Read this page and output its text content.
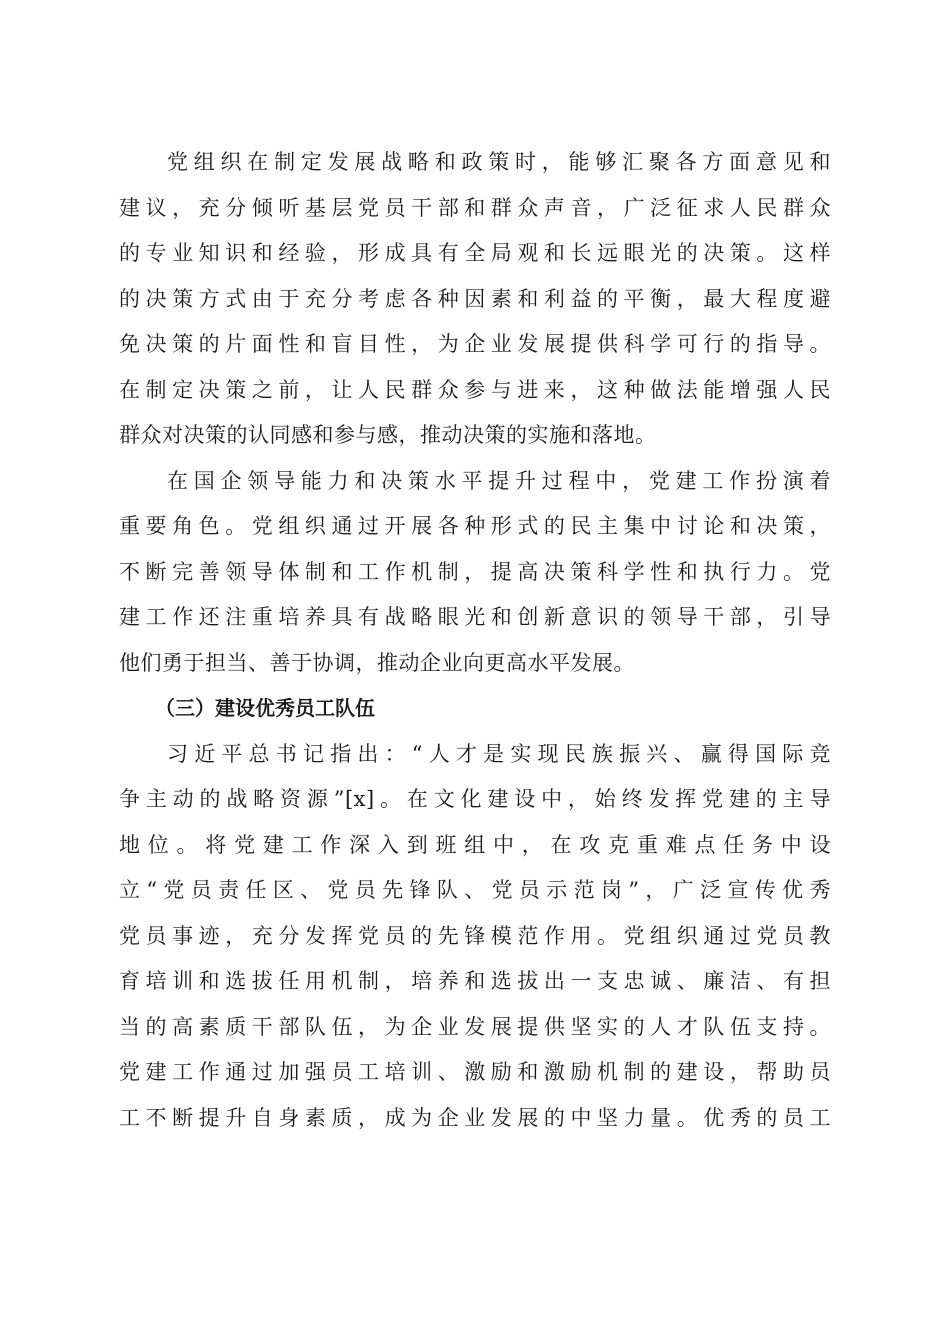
党组织在制定发展战略和政策时，能够汇聚各方面意见和
建议，充分倾听基层党员干部和群众声音，广泛征求人民群众
的专业知识和经验，形成具有全局观和长远眼光的决策。这样
的决策方式由于充分考虑各种因素和利益的平衡，最大程度避
免决策的片面性和盲目性，为企业发展提供科学可行的指导。
在制定决策之前，让人民群众参与进来，这种做法能增强人民
群众对决策的认同感和参与感，推动决策的实施和落地。
在国企领导能力和决策水平提升过程中，党建工作扮演着
重要角色。党组织通过开展各种形式的民主集中讨论和决策，
不断完善领导体制和工作机制，提高决策科学性和执行力。党
建工作还注重培养具有战略眼光和创新意识的领导干部，引导
他们勇于担当、善于协调，推动企业向更高水平发展。
（三）建设优秀员工队伍
习近平总书记指出：“人才是实现民族振兴、赢得国际竞
争主动的战略资源”[x]。在文化建设中，始终发挥党建的主导
地位。将党建工作深入到班组中，在攻克重难点任务中设
立“党员责任区、党员先锋队、党员示范岗”，广泛宣传优秀
党员事迹，充分发挥党员的先锋模范作用。党组织通过党员教
育培训和选拔任用机制，培养和选拔出一支忠诚、廉洁、有担
当的高素质干部队伍，为企业发展提供坚实的人才队伍支持。
党建工作通过加强员工培训、激励和激励机制的建设，帮助员
工不断提升自身素质，成为企业发展的中坚力量。优秀的员工
